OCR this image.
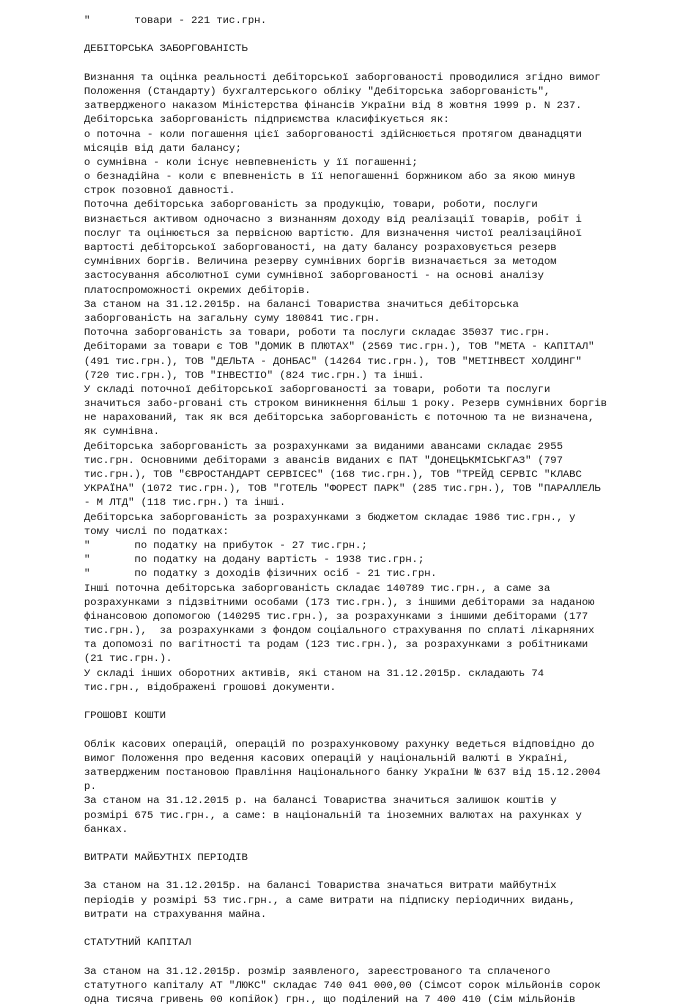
"       товари - 221 тис.грн.
ДЕБІТОРСЬКА ЗАБОРГОВАНІСТЬ
Визнання та оцінка реальності дебіторської заборгованості проводилися згідно вимог
Положення (Стандарту) бухгалтерського обліку "Дебіторська заборгованість",
затвердженого наказом Міністерства фінансів України від 8 жовтня 1999 р. N 237.
Дебіторська заборгованість підприємства класифікується як:
о поточна - коли погашення цієї заборгованості здійснюється протягом дванадцяти
місяців від дати балансу;
о сумнівна - коли існує невпевненість у її погашенні;
о безнадійна - коли є впевненість в її непогашенні боржником або за якою минув
строк позовної давності.
Поточна дебіторська заборгованість за продукцію, товари, роботи, послуги
визнається активом одночасно з визнанням доходу від реалізації товарів, робіт і
послуг та оцінюється за первісною вартістю. Для визначення чистої реалізаційної
вартості дебіторської заборгованості, на дату балансу розраховується резерв
сумнівних боргів. Величина резерву сумнівних боргів визначається за методом
застосування абсолютної суми сумнівної заборгованості - на основі аналізу
платоспроможності окремих дебіторів.
За станом на 31.12.2015р. на балансі Товариства значиться дебіторська
заборгованість на загальну суму 180841 тис.грн.
Поточна заборгованість за товари, роботи та послуги складає 35037 тис.грн.
Дебіторами за товари є ТОВ "ДОМИК В ПЛЮТАХ" (2569 тис.грн.), ТОВ "МЕТА - КАПІТАЛ"
(491 тис.грн.), ТОВ "ДЕЛЬТА - ДОНБАС" (14264 тис.грн.), ТОВ "МЕТІНВЕСТ ХОЛДИНГ"
(720 тис.грн.), ТОВ "ІНВЕСТІО" (824 тис.грн.) та інші.
У складі поточної дебіторської заборгованості за товари, роботи та послуги
значиться забо-рговані сть строком виникнення більш 1 року. Резерв сумнівних боргів
не нарахований, так як вся дебіторська заборгованість є поточною та не визначена,
як сумнівна.
Дебіторська заборгованість за розрахунками за виданими авансами складає 2955
тис.грн. Основними дебіторами з авансів виданих є ПАТ "ДОНЕЦЬКМІСЬКГАЗ" (797
тис.грн.), ТОВ "ЄВРОСТАНДАРТ СЕРВІСЕС" (168 тис.грн.), ТОВ "ТРЕЙД СЕРВІС "КЛАВС
УКРАЇНА" (1072 тис.грн.), ТОВ "ГОТЕЛЬ "ФОРЕСТ ПАРК" (285 тис.грн.), ТОВ "ПАРАЛЛЕЛЬ
- М ЛТД" (118 тис.грн.) та інші.
Дебіторська заборгованість за розрахунками з бюджетом складає 1986 тис.грн., у
тому числі по податках:
"       по податку на прибуток - 27 тис.грн.;
"       по податку на додану вартість - 1938 тис.грн.;
"       по податку з доходів фізичних осіб - 21 тис.грн.
Інші поточна дебіторська заборгованість складає 140789 тис.грн., а саме за
розрахунками з підзвітними особами (173 тис.грн.), з іншими дебіторами за наданою
фінансовою допомогою (140295 тис.грн.), за розрахунками з іншими дебіторами (177
тис.грн.),  за розрахунками з фондом соціального страхування по сплаті лікарняних
та допомозі по вагітності та родам (123 тис.грн.), за розрахунками з робітниками
(21 тис.грн.).
У складі інших оборотних активів, які станом на 31.12.2015р. складають 74
тис.грн., відображені грошові документи.
ГРОШОВІ КОШТИ
Облік касових операцій, операцій по розрахунковому рахунку ведеться відповідно до
вимог Положення про ведення касових операцій у національній валюті в Україні,
затвердженим постановою Правління Національного банку України № 637 від 15.12.2004
р.
За станом на 31.12.2015 р. на балансі Товариства значиться залишок коштів у
розмірі 675 тис.грн., а саме: в національній та іноземних валютах на рахунках у
банках.
ВИТРАТИ МАЙБУТНІХ ПЕРІОДІВ
За станом на 31.12.2015р. на балансі Товариства значаться витрати майбутніх
періодів у розмірі 53 тис.грн., а саме витрати на підписку періодичних видань,
витрати на страхування майна.
СТАТУТНИЙ КАПІТАЛ
За станом на 31.12.2015р. розмір заявленого, зареєстрованого та сплаченого
статутного капіталу АТ "ЛЮКС" складає 740 041 000,00 (Сімсот сорок мільйонів сорок
одна тисяча гривень 00 копійок) грн., що поділений на 7 400 410 (Сім мільйонів
